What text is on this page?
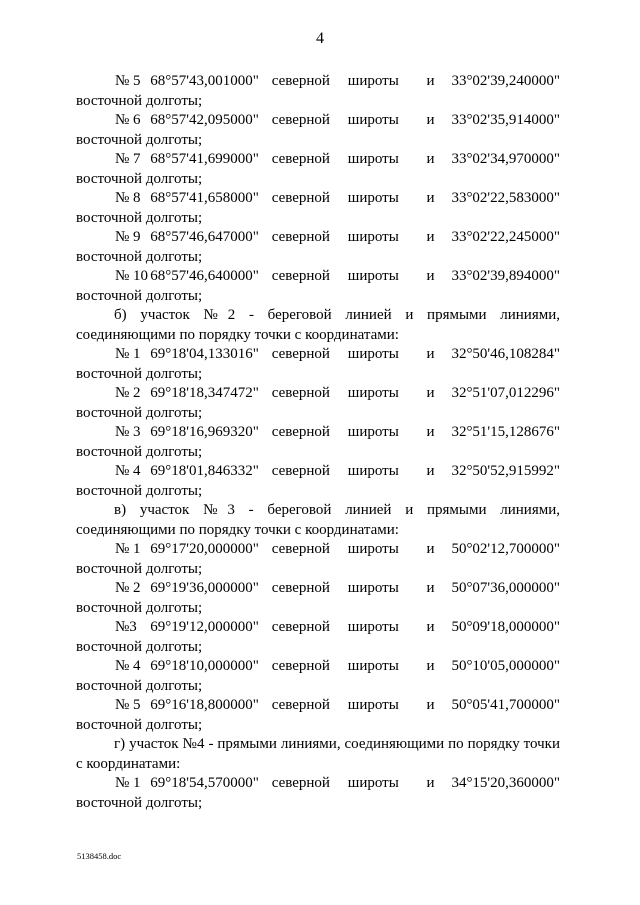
4
№ 5 68°57'43,001000" северной	широты	и	33°02'39,240000"
восточной долготы;
№ 6 68°57'42,095000" северной	широты	и	33°02'35,914000"
восточной долготы;
№ 7 68°57'41,699000" северной	широты	и	33°02'34,970000"
восточной долготы;
№ 8 68°57'41,658000" северной	широты	и	33°02'22,583000"
восточной долготы;
№ 9 68°57'46,647000" северной	широты	и	33°02'22,245000"
восточной долготы;
№ 10 68°57'46,640000" северной	широты	и	33°02'39,894000"
восточной долготы;

б) участок №2 - береговой линией и прямыми линиями, соединяющими по порядку точки с координатами:

№ 1 69°18'04,133016" северной	широты	и	32°50'46,108284"
восточной долготы;
№ 2 69°18'18,347472" северной	широты	и	32°51'07,012296"
восточной долготы;
№ 3 69°18'16,969320" северной	широты	и	32°51'15,128676"
восточной долготы;
№ 4 69°18'01,846332" северной	широты	и	32°50'52,915992"
восточной долготы;

в) участок №3 - береговой линией и прямыми линиями, соединяющими по порядку точки с координатами:

№ 1 69°17'20,000000" северной	широты	и	50°02'12,700000"
восточной долготы;
№ 2 69°19'36,000000" северной	широты	и	50°07'36,000000"
восточной долготы;
№3 69°19'12,000000" северной	широты	и	50°09'18,000000"
восточной долготы;
№ 4 69°18'10,000000" северной	широты	и	50°10'05,000000"
восточной долготы;
№ 5 69°16'18,800000" северной	широты	и	50°05'41,700000"
восточной долготы;

г) участок №4 - прямыми линиями, соединяющими по порядку точки с координатами:

№ 1 69°18'54,570000" северной	широты	и	34°15'20,360000"
восточной долготы;
5138458.doc
